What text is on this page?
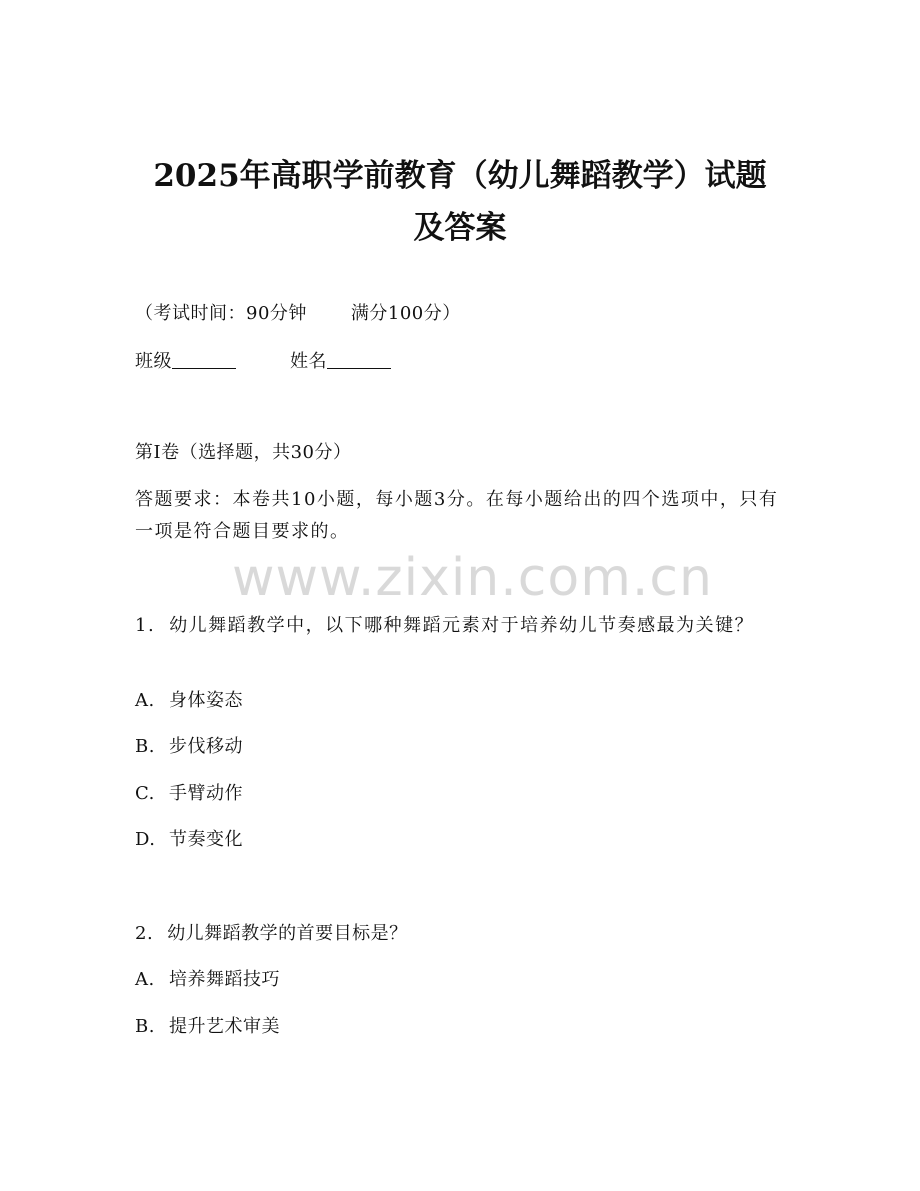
2025年高职学前教育（幼儿舞蹈教学）试题
及答案
（考试时间：90分钟 满分100分）
班级	姓名
第I卷（选择题，共30分）
答题要求：本卷共10小题，每小题3分。在每小题给出的四个选项中，只有一项是符合题目要求的。
www.zixin.com.cn
1. 幼儿舞蹈教学中，以下哪种舞蹈元素对于培养幼儿节奏感最为关键？
A. 身体姿态
B. 步伐移动
C. 手臂动作
D. 节奏变化
2. 幼儿舞蹈教学的首要目标是？
A. 培养舞蹈技巧
B. 提升艺术审美
